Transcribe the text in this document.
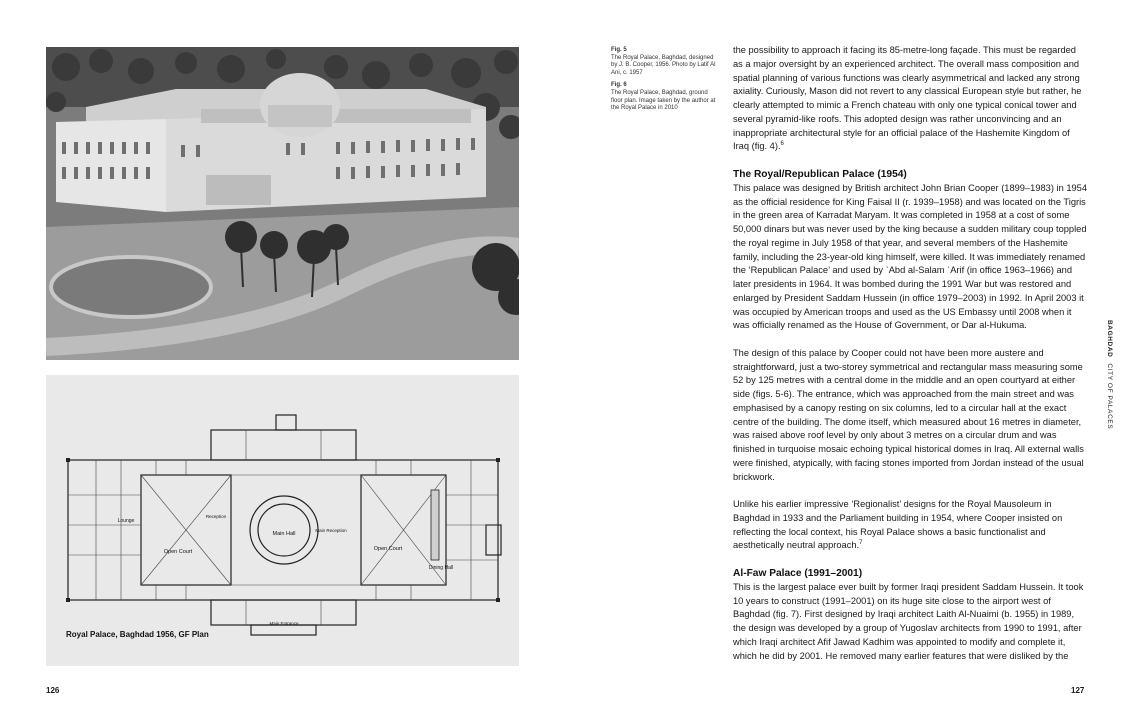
Main Hall
Open Court	Open Court
Lounge
Reception
Main Reception
Dining Hall
Main Entrance
Royal Palace, Baghdad 1956, GF Plan
126
Fig. 5
The Royal Palace, Baghdad, designed by J. B. Cooper, 1956. Photo by Latif Al Ani, c. 1957
Fig. 6
The Royal Palace, Baghdad, ground floor plan. Image taken by the author at the Royal Palace in 2010

the possibility to approach it facing its 85-metre-long façade. This must be regarded as a major oversight by an experienced architect. The overall mass composition and spatial planning of various functions was clearly asymmetrical and lacked any strong axiality. Curiously, Mason did not revert to any classical European style but rather, he clearly attempted to mimic a French chateau with only one typical conical tower and several pyramid-like roofs. This adopted design was rather unconvincing and an inappropriate architectural style for an official palace of the Hashemite Kingdom of Iraq (fig. 4).$^6$

The Royal/Republican Palace (1954)

This palace was designed by British architect John Brian Cooper (1899–1983) in 1954 as the official residence for King Faisal II (r. 1939–1958) and was located on the Tigris in the green area of Karradat Maryam. It was completed in 1958 at a cost of some 50,000 dinars but was never used by the king because a sudden military coup toppled the royal regime in July 1958 of that year, and several members of the Hashemite family, including the 23-year-old king himself, were killed. It was immediately renamed the ‘Republican Palace’ and used by ʿAbd al-Salam ʿArif (in office 1963–1966) and later presidents in 1964. It was bombed during the 1991 War but was restored and enlarged by President Saddam Hussein (in office 1979–2003) in 1992. In April 2003 it was occupied by American troops and used as the US Embassy until 2008 when it was officially renamed as the House of Government, or Dar al-Hukuma.

The design of this palace by Cooper could not have been more austere and straightforward, just a two-storey symmetrical and rectangular mass measuring some 52 by 125 metres with a central dome in the middle and an open courtyard at either side (figs. 5-6). The entrance, which was approached from the main street and was emphasised by a canopy resting on six columns, led to a circular hall at the exact centre of the building. The dome itself, which measured about 16 metres in diameter, was raised above roof level by only about 3 metres on a circular drum and was finished in turquoise mosaic echoing typical historical domes in Iraq. All external walls were finished, atypically, with facing stones imported from Jordan instead of the usual brickwork.

Unlike his earlier impressive ‘Regionalist’ designs for the Royal Mausoleum in Baghdad in 1933 and the Parliament building in 1954, where Cooper insisted on reflecting the local context, his Royal Palace shows a basic functionalist and aesthetically neutral approach.$^7$

Al-Faw Palace (1991–2001)

This is the largest palace ever built by former Iraqi president Saddam Hussein. It took 10 years to construct (1991–2001) on its huge site close to the airport west of Baghdad (fig. 7). First designed by Iraqi architect Laith Al-Nuaimi (b. 1955) in 1989, the design was developed by a group of Yugoslav architects from 1990 to 1991, after which Iraqi architect Afif Jawad Kadhim was appointed to modify and complete it, which he did by 2001. He removed many earlier features that were disliked by the

BAGHDADCITY OF PALACES
127
